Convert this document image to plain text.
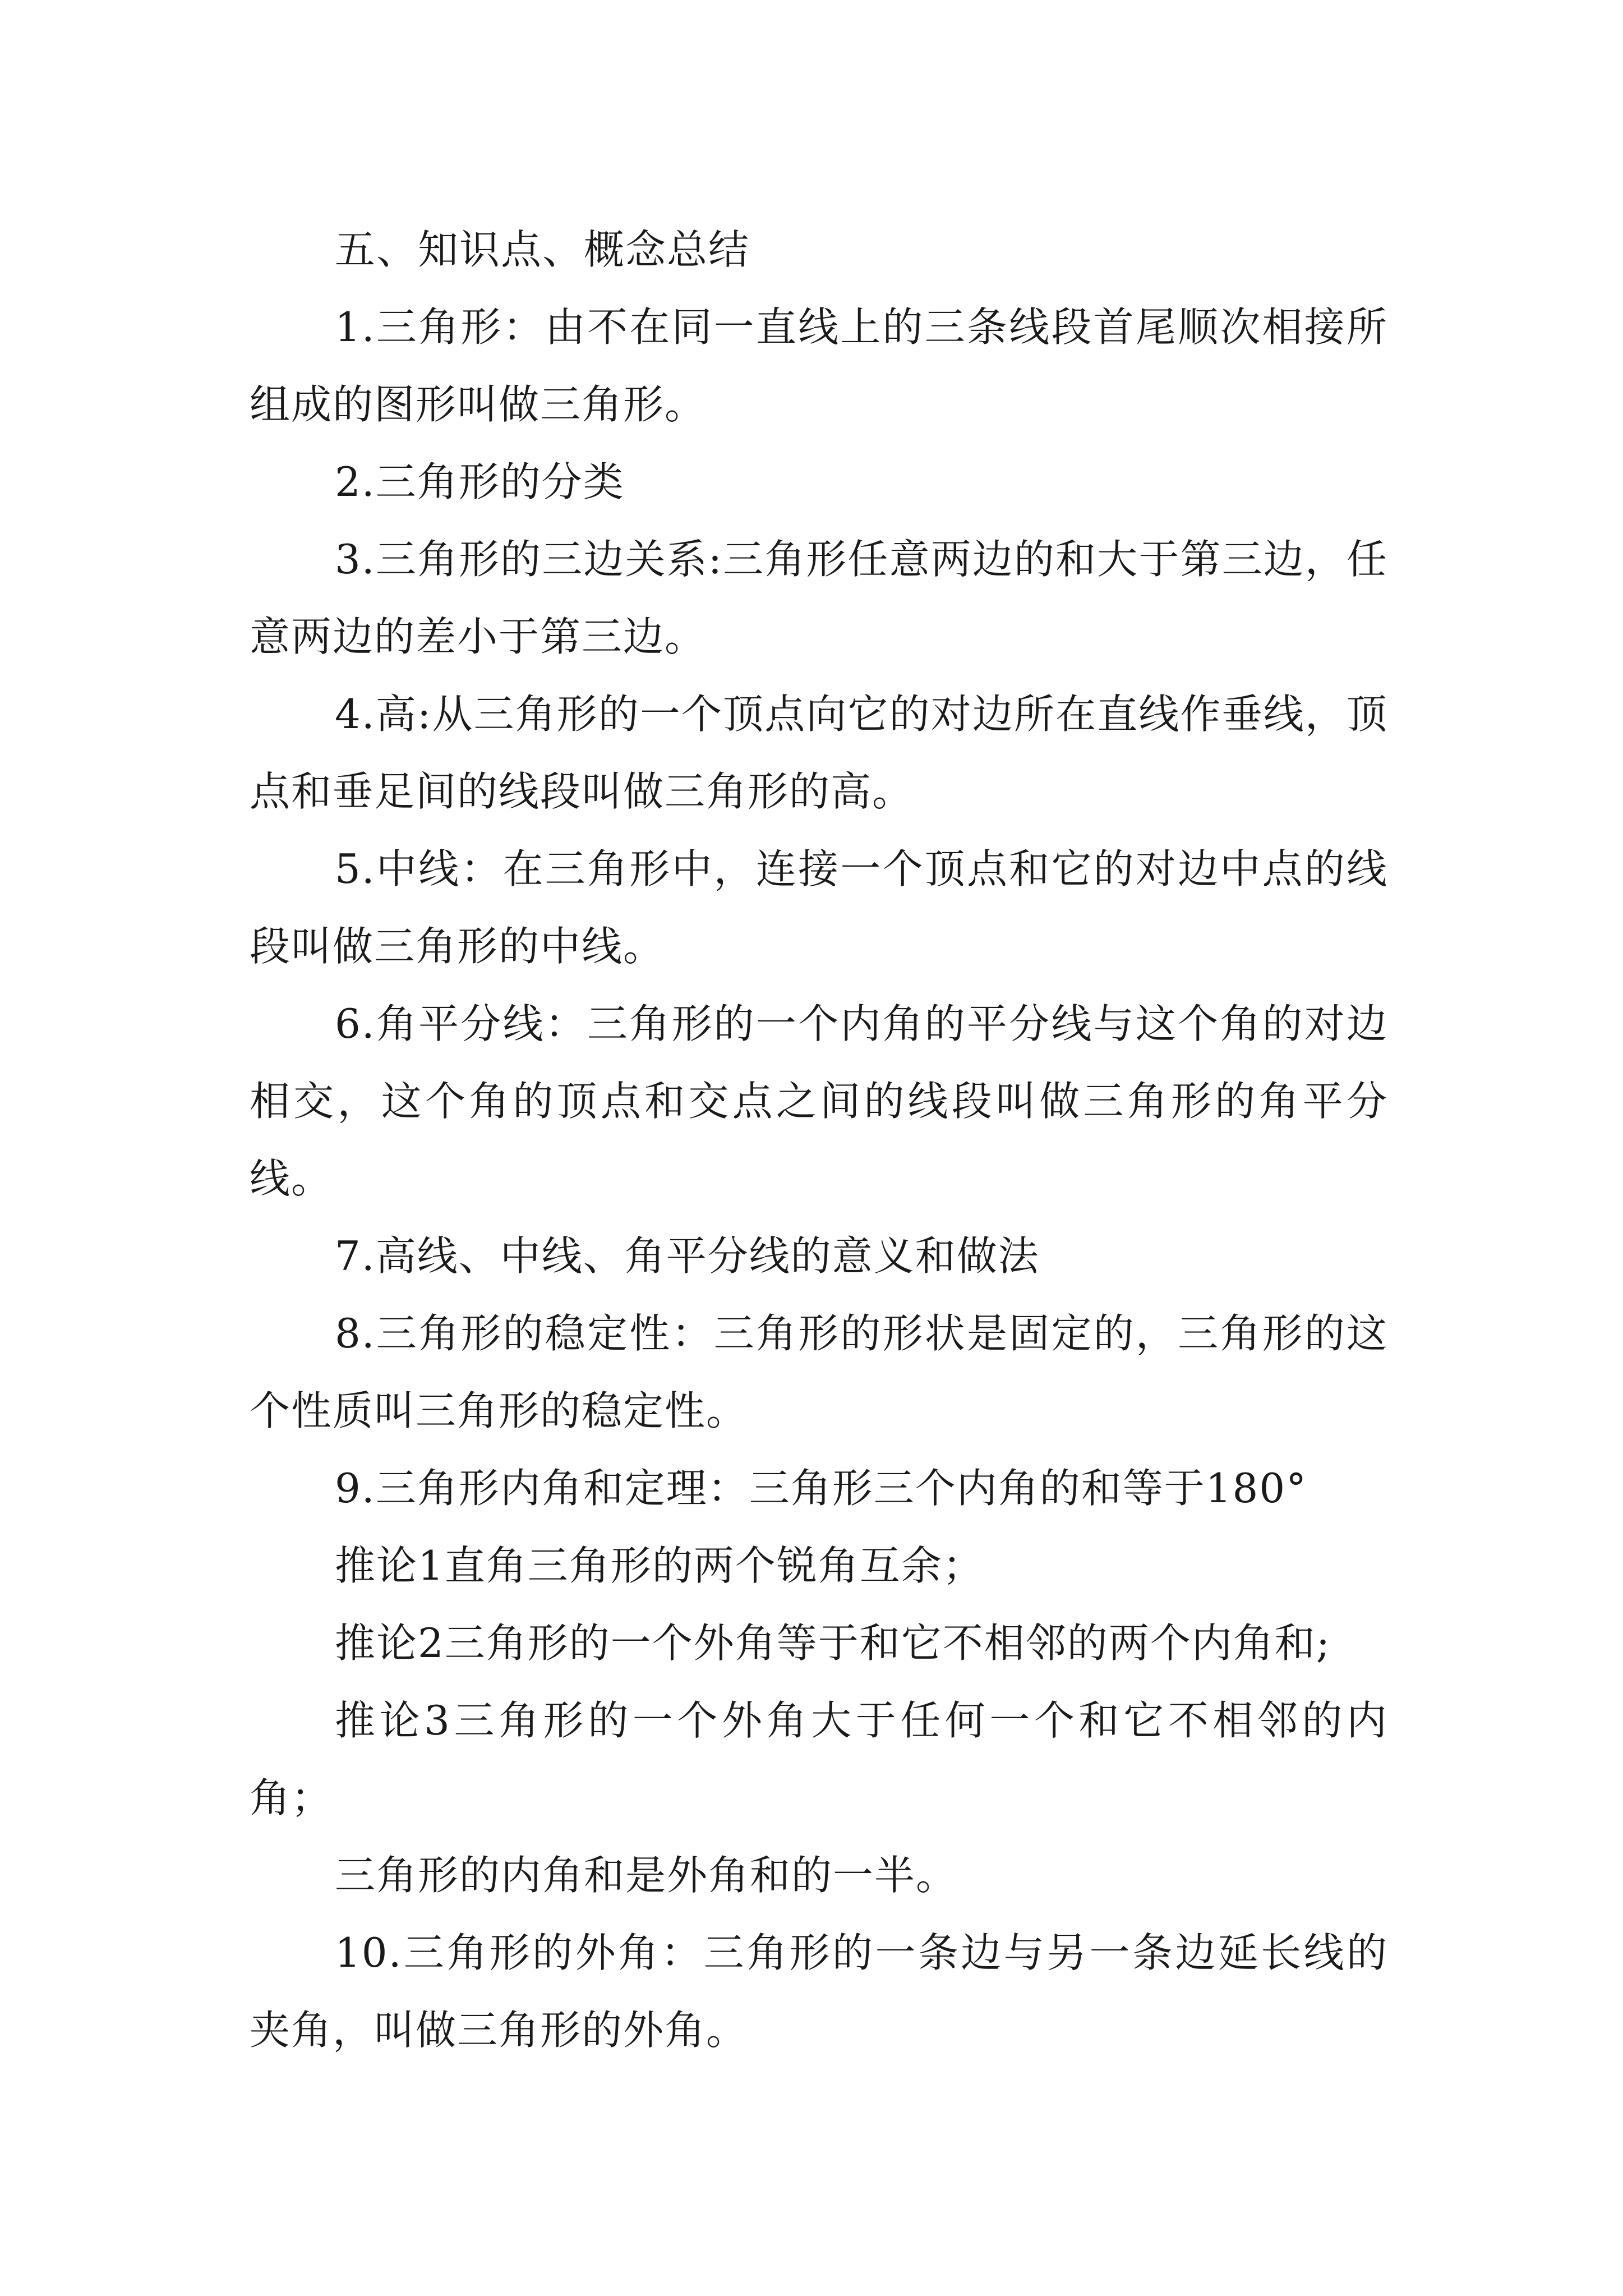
五、知识点、概念总结

1.三角形：由不在同一直线上的三条线段首尾顺次相接所组成的图形叫做三角形。

2.三角形的分类

3.三角形的三边关系:三角形任意两边的和大于第三边，任意两边的差小于第三边。

4.高:从三角形的一个顶点向它的对边所在直线作垂线，顶点和垂足间的线段叫做三角形的高。

5.中线：在三角形中，连接一个顶点和它的对边中点的线段叫做三角形的中线。

6.角平分线：三角形的一个内角的平分线与这个角的对边相交，这个角的顶点和交点之间的线段叫做三角形的角平分线。

7.高线、中线、角平分线的意义和做法

8.三角形的稳定性：三角形的形状是固定的，三角形的这个性质叫三角形的稳定性。

9.三角形内角和定理：三角形三个内角的和等于180°

推论1直角三角形的两个锐角互余；

推论2三角形的一个外角等于和它不相邻的两个内角和;

推论3三角形的一个外角大于任何一个和它不相邻的内角；

三角形的内角和是外角和的一半。

10.三角形的外角：三角形的一条边与另一条边延长线的夹角，叫做三角形的外角。
